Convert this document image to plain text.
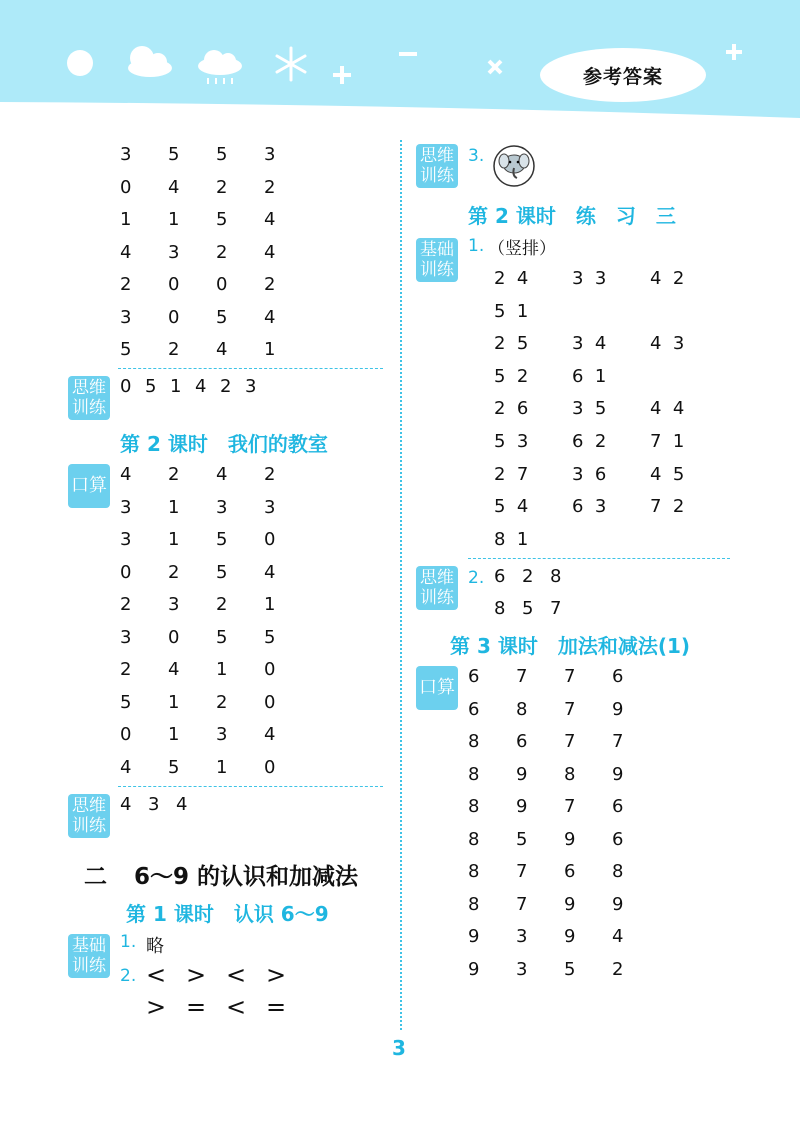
参考答案
3 5 5 3
0 4 2 2
1 1 5 4
4 3 2 4
2 0 0 2
3 0 5 4
5 2 4 1
思维训练
0 5 1 4 2 3
第 2 课时　我们的教室
口算
4 2 4 2
3 1 3 3
3 1 5 0
0 2 5 4
2 3 2 1
3 0 5 5
2 4 1 0
5 1 2 0
0 1 3 4
4 5 1 0
思维训练
4 3 4
二 6～9 的认识和加减法
第 1 课时　认识 6～9
基础训练
1. 略
2. < > < >
> = < =
思维训练
3.
第 2 课时　练　习　三
基础训练
1. （竖排）
2  4 3  3 4  2
5  1
2  5 3  4 4  3
5  2 6  1
2  6 3  5 4  4
5  3 6  2 7  1
2  7 3  6 4  5
5  4 6  3 7  2
8  1
思维训练
2. 6 2 8
8 5 7
第 3 课时　加法和减法(1)
口算
6 7 7 6
6 8 7 9
8 6 7 7
8 9 8 9
8 9 7 6
8 5 9 6
8 7 6 8
8 7 9 9
9 3 9 4
9 3 5 2
3
